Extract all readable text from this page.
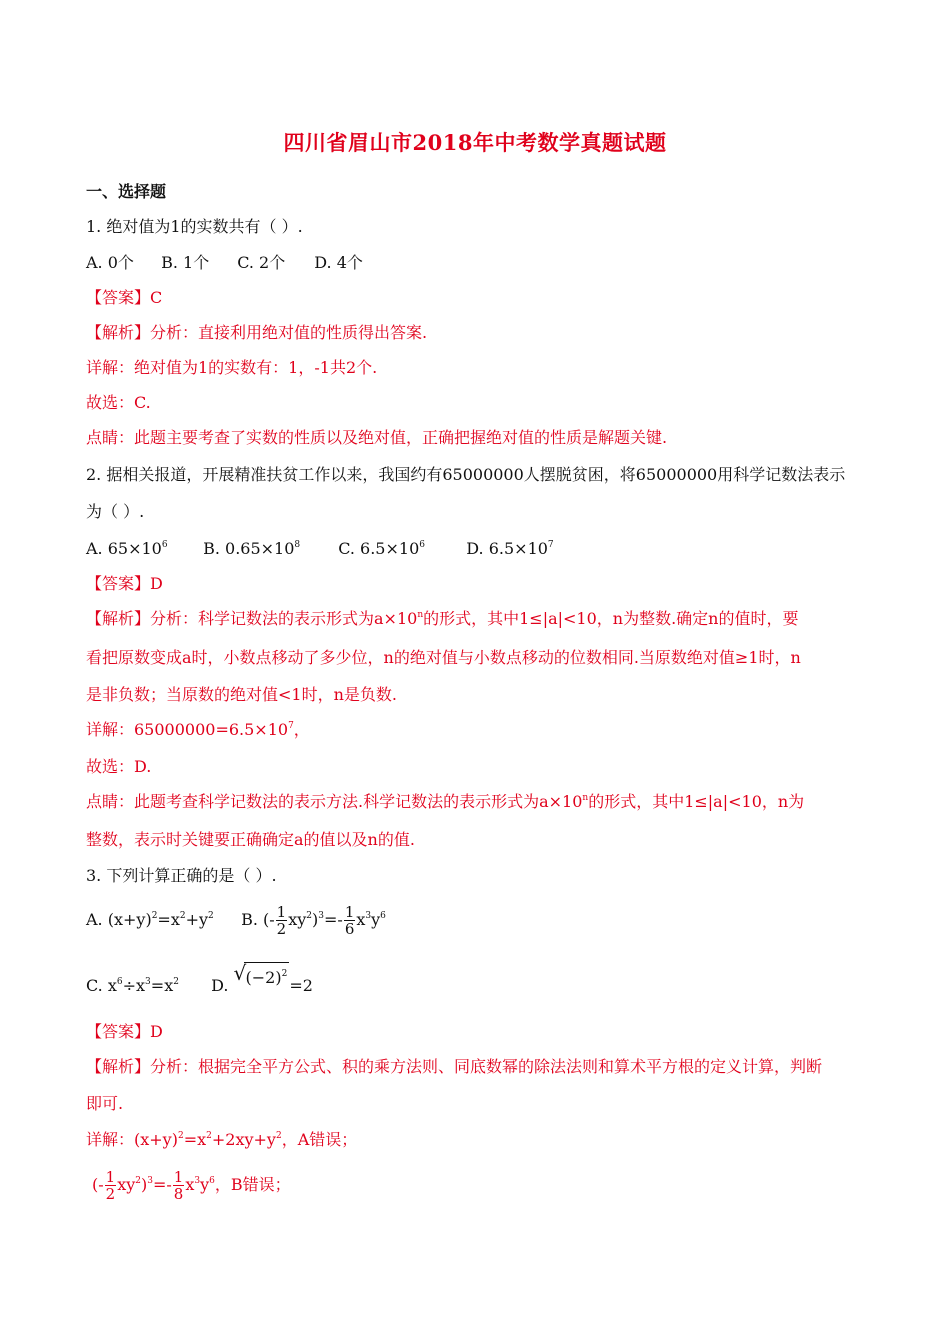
四川省眉山市2018年中考数学真题试题
一、选择题
1. 绝对值为1的实数共有（ ）.
A. 0个 B. 1个 C. 2个 D. 4个
【答案】C
【解析】分析：直接利用绝对值的性质得出答案.
详解：绝对值为1的实数有：1，-1共2个.
故选：C.
点睛：此题主要考查了实数的性质以及绝对值，正确把握绝对值的性质是解题关键.
2. 据相关报道，开展精准扶贫工作以来，我国约有65000000人摆脱贫困，将65000000用科学记数法表示
为（ ）.
A. $65\times 10^6$ B. $0.65\times 10^8$ C. $6.5\times 10^6$	D. $6.5\times 10^7$
【答案】D
【解析】分析：科学记数法的表示形式为$a\times 10^n$的形式，其中1≤|a|<10，n为整数.确定n的值时，要
看把原数变成a时，小数点移动了多少位，n的绝对值与小数点移动的位数相同.当原数绝对值≥1时，n
是非负数；当原数的绝对值<1时，n是负数.
详解：$65000000=6.5\times 10^7$，
故选：D.
点睛：此题考查科学记数法的表示方法.科学记数法的表示形式为$a\times 10^n$的形式，其中1≤|a|<10，n为
整数，表示时关键要正确确定a的值以及n的值.
3. 下列计算正确的是（ ）.
A. $(x+y)^2=x^2+y^2$ B. (- $\frac{1}{2} xy^2)^3=- \frac{1}{6} x^3y^6$
C. $x^6\div x^3=x^2$ D.
√ $(-2)^2=2$
【答案】D
【解析】分析：根据完全平方公式、积的乘方法则、同底数幂的除法法则和算术平方根的定义计算，判断
即可.
详解：$(x+y)^2=x^2+2xy+y^2$，A错误；
(- $\frac{1}{2} xy^2)^3=- \frac{1}{8} x^3y^6$，B错误；
